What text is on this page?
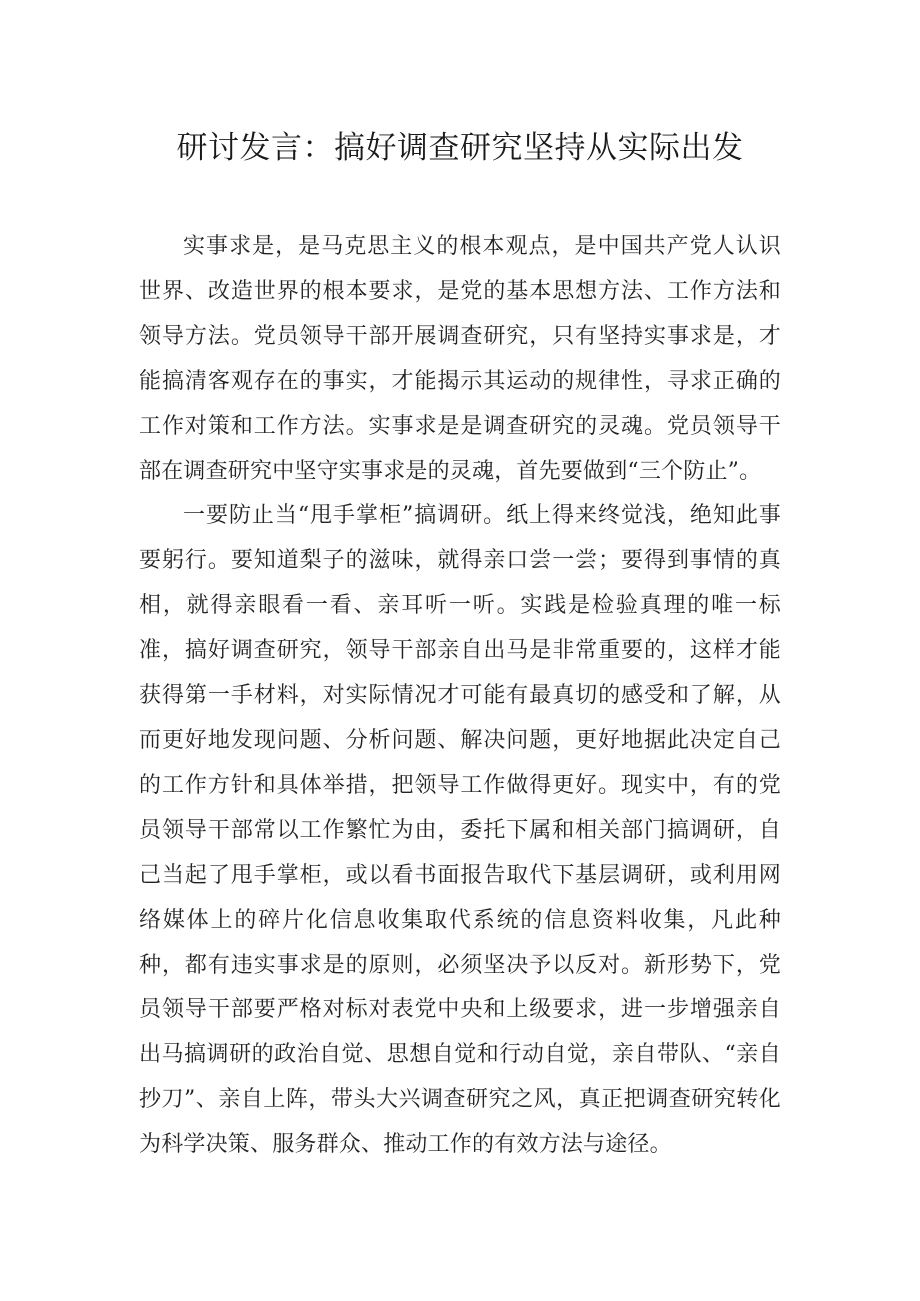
研讨发言：搞好调查研究坚持从实际出发

实事求是，是马克思主义的根本观点，是中国共产党人认识世界、改造世界的根本要求，是党的基本思想方法、工作方法和领导方法。党员领导干部开展调查研究，只有坚持实事求是，才能搞清客观存在的事实，才能揭示其运动的规律性，寻求正确的工作对策和工作方法。实事求是是调查研究的灵魂。党员领导干部在调查研究中坚守实事求是的灵魂，首先要做到“三个防止”。

一要防止当“甩手掌柜”搞调研。纸上得来终觉浅，绝知此事要躬行。要知道梨子的滋味，就得亲口尝一尝；要得到事情的真相，就得亲眼看一看、亲耳听一听。实践是检验真理的唯一标准，搞好调查研究，领导干部亲自出马是非常重要的，这样才能获得第一手材料，对实际情况才可能有最真切的感受和了解，从而更好地发现问题、分析问题、解决问题，更好地据此决定自己的工作方针和具体举措，把领导工作做得更好。现实中，有的党员领导干部常以工作繁忙为由，委托下属和相关部门搞调研，自己当起了甩手掌柜，或以看书面报告取代下基层调研，或利用网络媒体上的碎片化信息收集取代系统的信息资料收集，凡此种种，都有违实事求是的原则，必须坚决予以反对。新形势下，党员领导干部要严格对标对表党中央和上级要求，进一步增强亲自出马搞调研的政治自觉、思想自觉和行动自觉，亲自带队、“亲自抄刀”、亲自上阵，带头大兴调查研究之风，真正把调查研究转化为科学决策、服务群众、推动工作的有效方法与途径。
